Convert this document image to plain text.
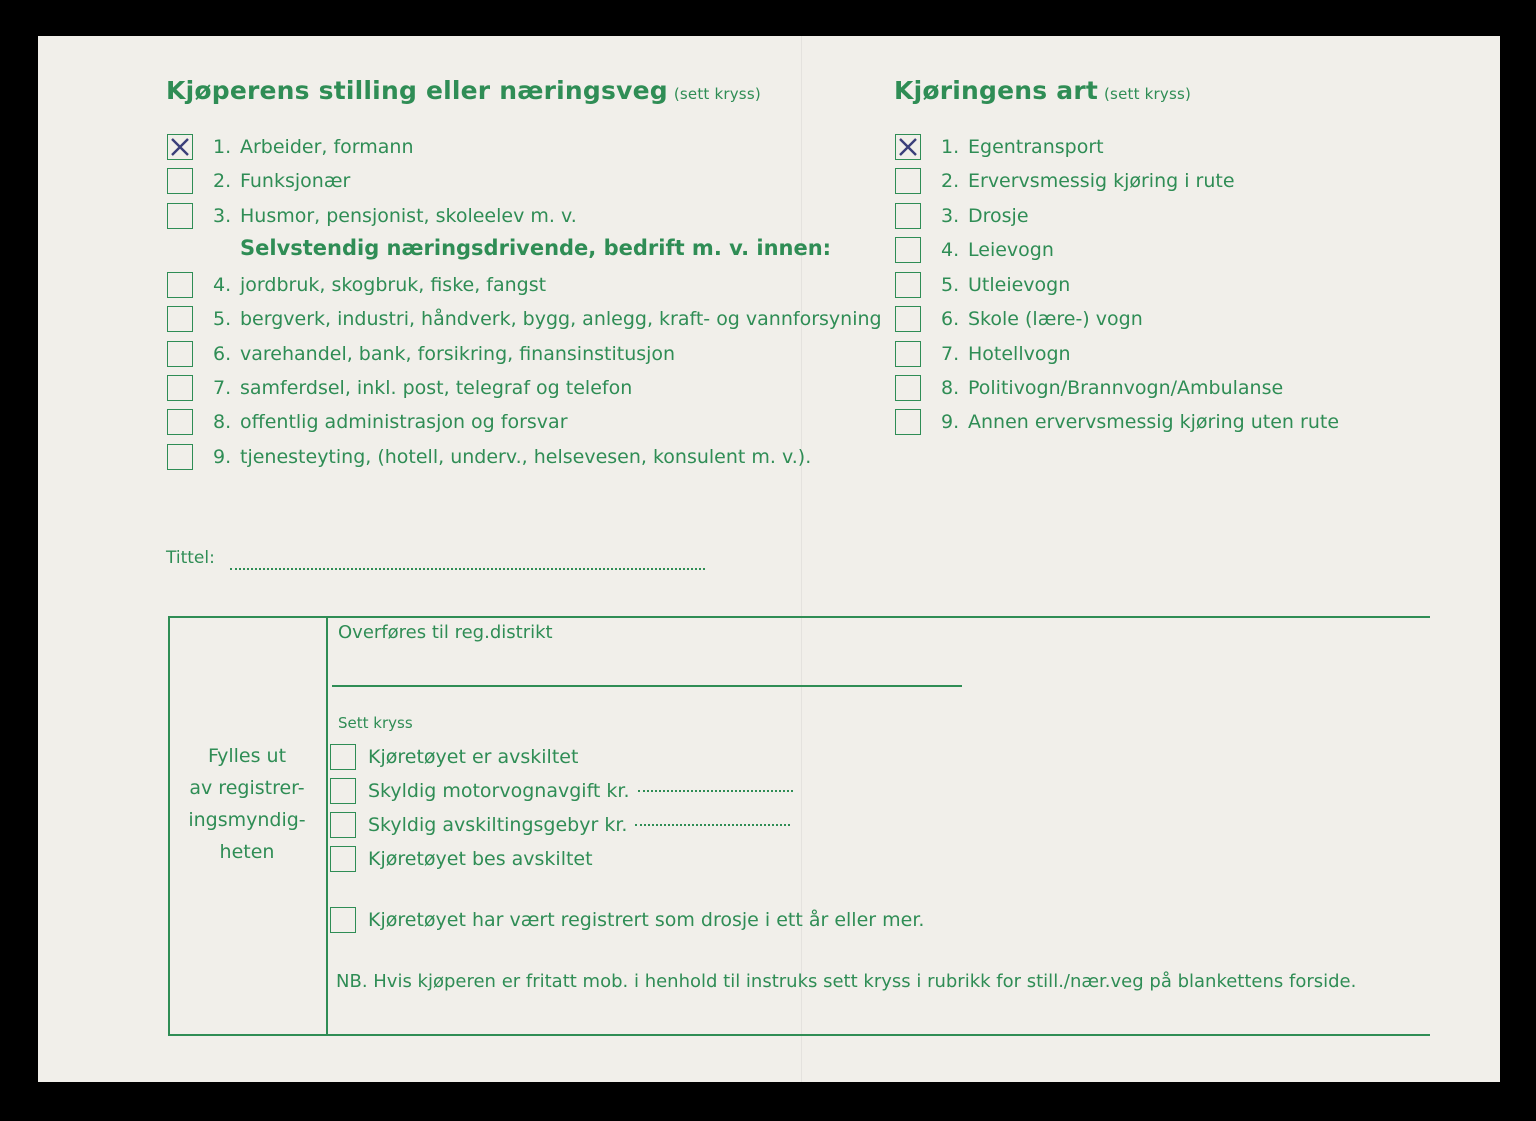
Kjøperens stilling eller næringsveg (sett kryss)
Selvstendig næringsdrivende, bedrift m. v. innen:
Kjøringens art (sett kryss)
Tittel:
Fylles ut
av registrer-
ingsmyndig-
heten
Overføres til reg.distrikt
Sett kryss
Kjøretøyet har vært registrert som drosje i ett år eller mer.
NB. Hvis kjøperen er fritatt mob. i henhold til instruks sett kryss i rubrikk for still./nær.veg på blankettens forside.
1. Arbeider, formann
2. Funksjonær
3. Husmor, pensjonist, skoleelev m. v.
4. jordbruk, skogbruk, fiske, fangst
5. bergverk, industri, håndverk, bygg, anlegg, kraft- og vannforsyning
6. varehandel, bank, forsikring, finansinstitusjon
7. samferdsel, inkl. post, telegraf og telefon
8. offentlig administrasjon og forsvar
9. tjenesteyting, (hotell, underv., helsevesen, konsulent m. v.).
1. Egentransport
2. Ervervsmessig kjøring i rute
3. Drosje
4. Leievogn
5. Utleievogn
6. Skole (lære-) vogn
7. Hotellvogn
8. Politivogn/Brannvogn/Ambulanse
9. Annen ervervsmessig kjøring uten rute
Kjøretøyet er avskiltet
Skyldig motorvognavgift kr.
Skyldig avskiltingsgebyr kr.
Kjøretøyet bes avskiltet
